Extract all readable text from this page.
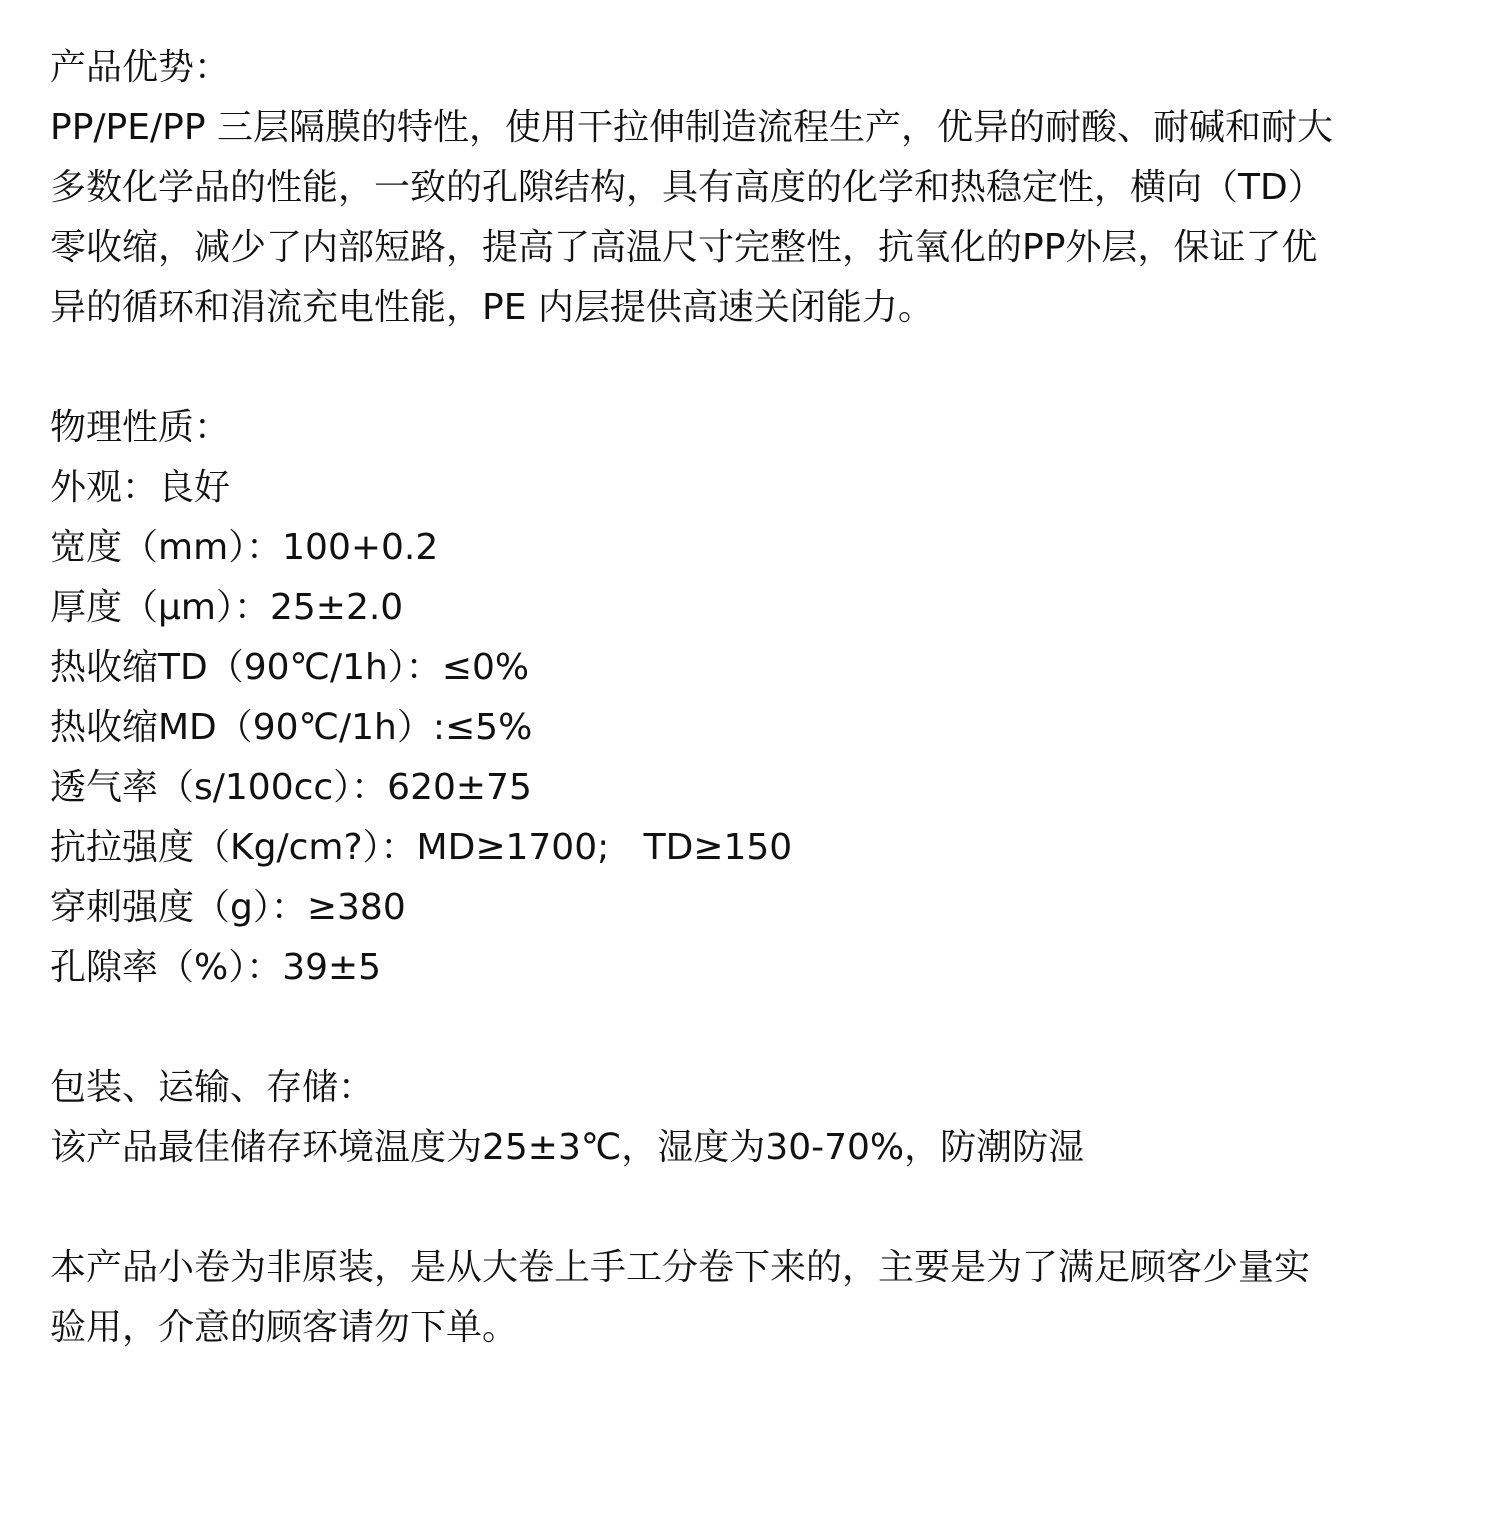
产品优势：
PP/PE/PP 三层隔膜的特性，使用干拉伸制造流程生产，优异的耐酸、耐碱和耐大
多数化学品的性能，一致的孔隙结构，具有高度的化学和热稳定性，横向（TD）
零收缩，减少了内部短路，提高了高温尺寸完整性，抗氧化的PP外层，保证了优
异的循环和涓流充电性能，PE 内层提供高速关闭能力。
物理性质：
外观：良好
宽度（mm）：100+0.2
厚度（μm）：25±2.0
热收缩TD（90℃/1h）：≤0%
热收缩MD（90℃/1h）:≤5%
透气率（s/100cc）：620±75
抗拉强度（Kg/cm?）：MD≥1700;   TD≥150
穿刺强度（g）：≥380
孔隙率（%）：39±5
包装、运输、存储：
该产品最佳储存环境温度为25±3℃，湿度为30-70%，防潮防湿
本产品小卷为非原装，是从大卷上手工分卷下来的，主要是为了满足顾客少量实
验用，介意的顾客请勿下单。
